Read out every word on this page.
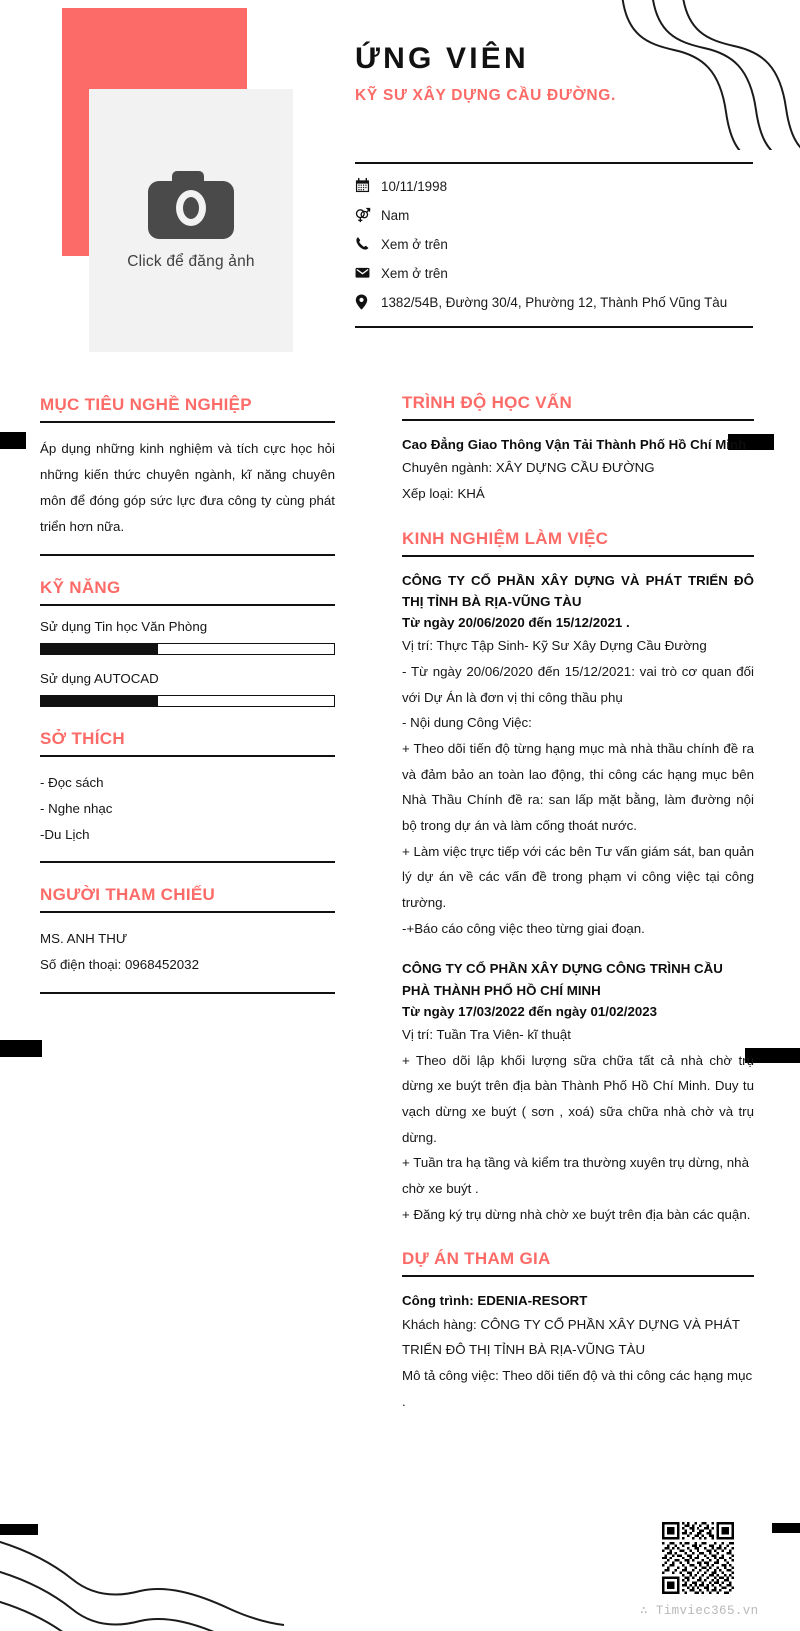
Click để đăng ảnh
ỨNG VIÊN
KỸ SƯ XÂY DỰNG CẦU ĐƯỜNG.
10/11/1998
Nam
Xem ở trên
Xem ở trên
1382/54B, Đường 30/4, Phường 12, Thành Phố Vũng Tàu
MỤC TIÊU NGHỀ NGHIỆP
Áp dụng những kinh nghiệm và tích cực học hỏi những kiến thức chuyên ngành, kĩ năng chuyên môn để đóng góp sức lực đưa công ty cùng phát triển hơn nữa.
KỸ NĂNG
Sử dụng Tin học Văn Phòng
Sử dụng AUTOCAD
SỞ THÍCH
- Đọc sách
- Nghe nhạc
-Du Lịch
NGƯỜI THAM CHIẾU
MS. ANH THƯ
Số điện thoại: 0968452032
TRÌNH ĐỘ HỌC VẤN
Cao Đẳng Giao Thông Vận Tải Thành Phố Hồ Chí Minh
Chuyên ngành: XÂY DỰNG CẦU ĐƯỜNG
Xếp loại: KHÁ
KINH NGHIỆM LÀM VIỆC
CÔNG TY CỔ PHẦN XÂY DỰNG VÀ PHÁT TRIỂN ĐÔ THỊ TỈNH BÀ RỊA-VŨNG TÀU
Từ ngày 20/06/2020 đến 15/12/2021 .
Vị trí: Thực Tập Sinh- Kỹ Sư Xây Dựng Cầu Đường
- Từ ngày 20/06/2020 đến 15/12/2021: vai trò cơ quan đối với Dự Án là đơn vị thi công thầu phụ
- Nội dung Công Việc:
+ Theo dõi tiến độ từng hạng mục mà nhà thầu chính đề ra và đảm bảo an toàn lao động, thi công các hạng mục bên Nhà Thầu Chính đề ra: san lấp mặt bằng, làm đường nội bộ trong dự án và làm cống thoát nước.
+ Làm việc trực tiếp với các bên Tư vấn giám sát, ban quản lý dự án về các vấn đề trong phạm vi công việc tại công trường.
-+Báo cáo công việc theo từng giai đoạn.
CÔNG TY CỔ PHẦN XÂY DỰNG CÔNG TRÌNH CẦU PHÀ THÀNH PHỐ HỒ CHÍ MINH
Từ ngày 17/03/2022 đến ngày 01/02/2023
Vị trí: Tuần Tra Viên- kĩ thuật
+ Theo dõi lập khối lượng sữa chữa tất cả nhà chờ trụ dừng xe buýt trên địa bàn Thành Phố Hồ Chí Minh. Duy tu vạch dừng xe buýt ( sơn , xoá) sữa chữa nhà chờ và trụ dừng.
+ Tuần tra hạ tầng và kiểm tra thường xuyên trụ dừng, nhà chờ xe buýt .
+ Đăng ký trụ dừng nhà chờ xe buýt trên địa bàn các quận.
DỰ ÁN THAM GIA
Công trình: EDENIA-RESORT
Khách hàng: CÔNG TY CỔ PHẦN XÂY DỰNG VÀ PHÁT TRIỂN ĐÔ THỊ TỈNH BÀ RỊA-VŨNG TÀU
Mô tả công việc: Theo dõi tiến độ và thi công các hạng mục .
∴ Timviec365.vn
